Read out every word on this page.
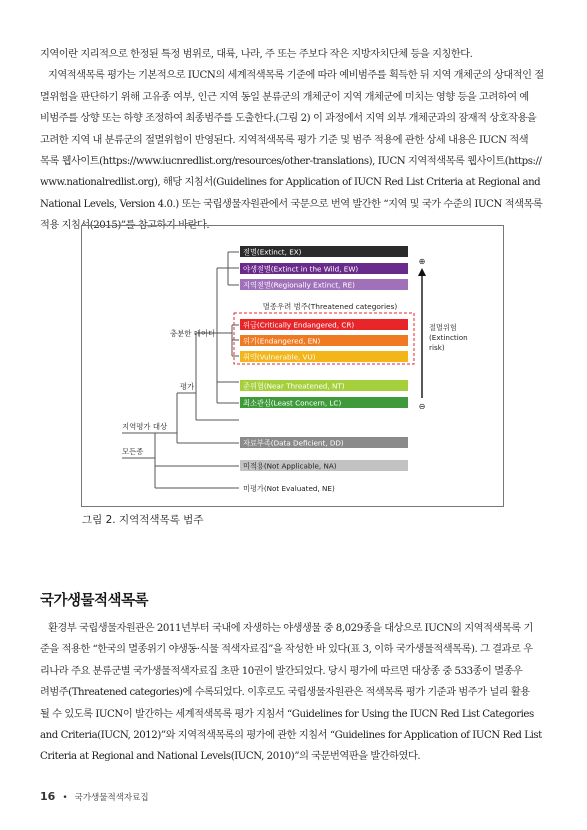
지역이란 지리적으로 한정된 특정 범위로, 대륙, 나라, 주 또는 주보다 작은 지방자치단체 등을 지칭한다.
지역적색목록 평가는 기본적으로 IUCN의 세계적색목록 기준에 따라 예비범주를 획득한 뒤 지역 개체군의 상대적인 절
멸위험을 판단하기 위해 고유종 여부, 인근 지역 동일 분류군의 개체군이 지역 개체군에 미치는 영향 등을 고려하여 예
비범주를 상향 또는 하향 조정하여 최종범주를 도출한다.(그림 2) 이 과정에서 지역 외부 개체군과의 잠재적 상호작용을
고려한 지역 내 분류군의 절멸위험이 반영된다. 지역적색목록 평가 기준 및 범주 적용에 관한 상세 내용은 IUCN 적색
목록 웹사이트(https://www.iucnredlist.org/resources/other-translations), IUCN 지역적색목록 웹사이트(https://
www.nationalredlist.org), 해당 지침서(Guidelines for Application of IUCN Red List Criteria at Regional and
National Levels, Version 4.0.) 또는 국립생물자원관에서 국문으로 번역 발간한 “지역 및 국가 수준의 IUCN 적색목록
적용 지침서(2015)”를 참고하기 바란다.

멸종우려 범주(Threatened categories)
절멸(Extinct, EX)
야생절멸(Extinct in the Wild, EW)
지역절멸(Regionally Extinct, RE)
위급(Critically Endangered, CR)
위기(Endangered, EN)
취약(Vulnerable, VU)
준위협(Near Threatened, NT)
최소관심(Least Concern, LC)
자료부족(Data Deficient, DD)
미적용(Not Applicable, NA)
미평가(Not Evaluated, NE)
충분한 데이터
평가
지역평가 대상
모든종
⊕
⊖
절멸위험
(Extinction
risk)
그림 2. 지역적색목록 범주
국가생물적색목록

환경부 국립생물자원관은 2011년부터 국내에 자생하는 야생생물 중 8,029종을 대상으로 IUCN의 지역적색목록 기
준을 적용한 “한국의 멸종위기 야생동·식물 적색자료집”을 작성한 바 있다(표 3, 이하 국가생물적색목록). 그 결과로 우
리나라 주요 분류군별 국가생물적색자료집 초판 10권이 발간되었다. 당시 평가에 따르면 대상종 중 533종이 멸종우
려범주(Threatened categories)에 수록되었다. 이후로도 국립생물자원관은 적색목록 평가 기준과 범주가 널리 활용
될 수 있도록 IUCN이 발간하는 세계적색목록 평가 지침서 “Guidelines for Using the IUCN Red List Categories
and Criteria(IUCN, 2012)”와 지역적색목록의 평가에 관한 지침서 “Guidelines for Application of IUCN Red List
Criteria at Regional and National Levels(IUCN, 2010)”의 국문번역판을 발간하였다.

16 • 국가생물적색자료집
